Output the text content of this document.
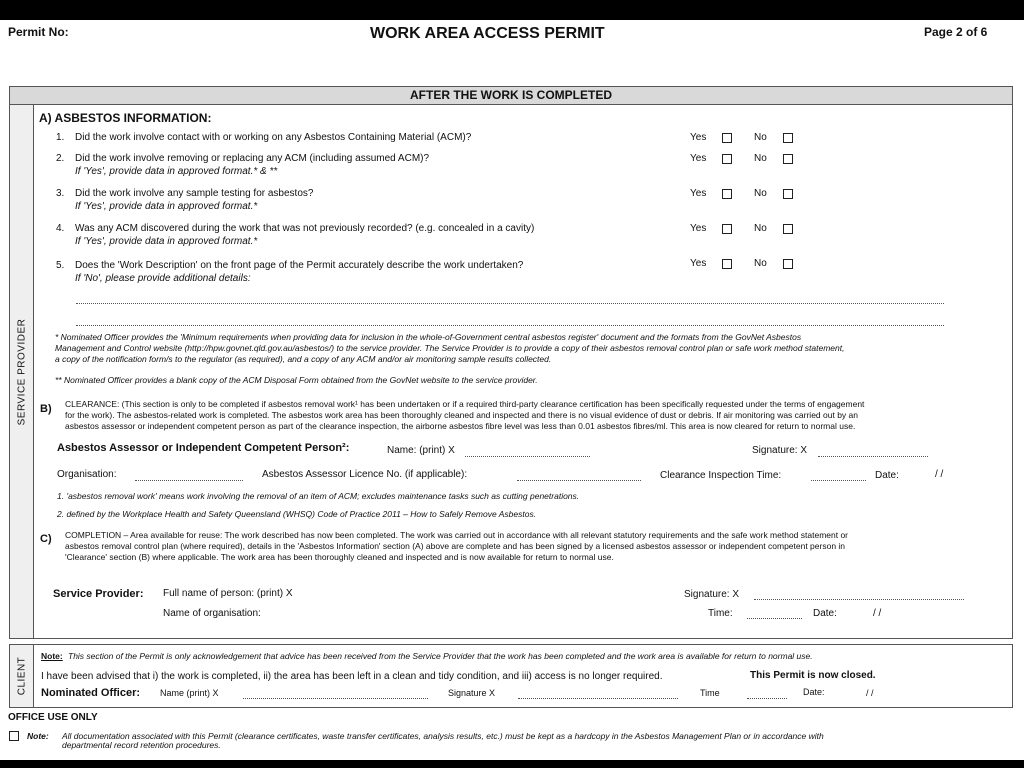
Permit No:	WORK AREA ACCESS PERMIT	Page 2 of 6
AFTER THE WORK IS COMPLETED
SERVICE PROVIDER
A) ASBESTOS INFORMATION:
1. Did the work involve contact with or working on any Asbestos Containing Material (ACM)?	Yes	No
2. Did the work involve removing or replacing any ACM (including assumed ACM)?
If 'Yes', provide data in approved format.* & **
Yes	No
3. Did the work involve any sample testing for asbestos?
If 'Yes', provide data in approved format.*
Yes	No
4. Was any ACM discovered during the work that was not previously recorded? (e.g. concealed in a cavity)
If 'Yes', provide data in approved format.*
Yes	No
5. Does the 'Work Description' on the front page of the Permit accurately describe the work undertaken?
If 'No', please provide additional details:
Yes	No
* Nominated Officer provides the 'Minimum requirements when providing data for inclusion in the whole-of-Government central asbestos register' document and the formats from the GovNet Asbestos
Management and Control website (http://hpw.govnet.qld.gov.au/asbestos/) to the service provider. The Service Provider is to provide a copy of their asbestos removal control plan or safe work method statement,
a copy of the notification form/s to the regulator (as required), and a copy of any ACM and/or air monitoring sample results collected.
** Nominated Officer provides a blank copy of the ACM Disposal Form obtained from the GovNet website to the service provider.
B) CLEARANCE: (This section is only to be completed if asbestos removal work¹ has been undertaken or if a required third-party clearance certification has been specifically requested under the terms of engagement
for the work). The asbestos-related work is completed. The asbestos work area has been thoroughly cleaned and inspected and there is no visual evidence of dust or debris. If air monitoring was carried out by an
asbestos assessor or independent competent person as part of the clearance inspection, the airborne asbestos fibre level was less than 0.01 asbestos fibres/ml. This area is now cleared for return to normal use.
Asbestos Assessor or Independent Competent Person²:	Name: (print) X	Signature: X
Organisation:	Asbestos Assessor Licence No. (if applicable):	Clearance Inspection Time:	Date:	/ /
1. 'asbestos removal work' means work involving the removal of an item of ACM; excludes maintenance tasks such as cutting penetrations.
2. defined by the Workplace Health and Safety Queensland (WHSQ) Code of Practice 2011 – How to Safely Remove Asbestos.
C) COMPLETION – Area available for reuse: The work described has now been completed. The work was carried out in accordance with all relevant statutory requirements and the safe work method statement or
asbestos removal control plan (where required), details in the 'Asbestos Information' section (A) above are complete and has been signed by a licensed asbestos assessor or independent competent person in
'Clearance' section (B) where applicable. The work area has been thoroughly cleaned and inspected and is now available for return to normal use.
Service Provider: Full name of person: (print) X	Signature: X
Name of organisation:	Time:	Date:	/ /
CLIENT
Note: This section of the Permit is only acknowledgement that advice has been received from the Service Provider that the work has been completed and the work area is available for return to normal use.
I have been advised that i) the work is completed, ii) the area has been left in a clean and tidy condition, and iii) access is no longer required.	This Permit is now closed.
Nominated Officer: Name (print) X	Signature X	Time	Date:	/ /
OFFICE USE ONLY
Note: All documentation associated with this Permit (clearance certificates, waste transfer certificates, analysis results, etc.) must be kept as a hardcopy in the Asbestos Management Plan or in accordance with
departmental record retention procedures.
